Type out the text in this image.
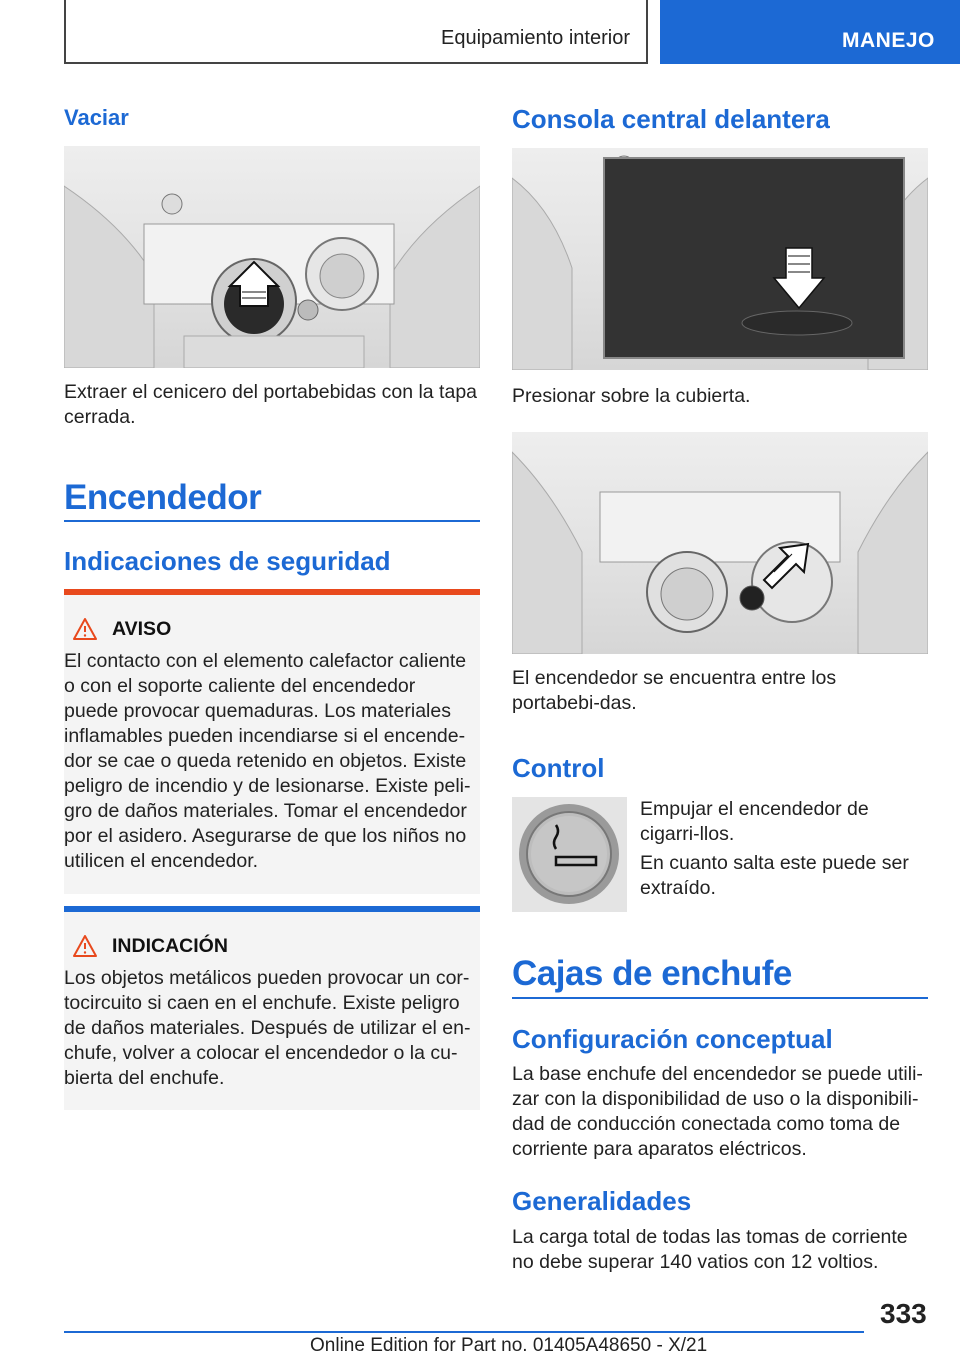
Equipamiento interior	MANEJO
Vaciar

Extraer el cenicero del portabebidas con la tapa cerrada.

Encendedor
Indicaciones de seguridad
AVISO

El contacto con el elemento calefactor caliente o con el soporte caliente del encendedor puede provocar quemaduras. Los materiales inflamables pueden incendiarse si el encende‐dor se cae o queda retenido en objetos. Existe peligro de incendio y de lesionarse. Existe peli‐gro de daños materiales. Tomar el encendedor por el asidero. Asegurarse de que los niños no utilicen el encendedor.

INDICACIÓN

Los objetos metálicos pueden provocar un cor‐tocircuito si caen en el enchufe. Existe peligro de daños materiales. Después de utilizar el en‐chufe, volver a colocar el encendedor o la cu‐bierta del enchufe.

Consola central delantera

Presionar sobre la cubierta.

El encendedor se encuentra entre los portabebi‐das.

Control

Empujar el encendedor de cigarri‐llos.

En cuanto salta este puede ser extraído.

Cajas de enchufe
Configuración conceptual

La base enchufe del encendedor se puede utili‐zar con la disponibilidad de uso o la disponibili‐dad de conducción conectada como toma de corriente para aparatos eléctricos.

Generalidades

La carga total de todas las tomas de corriente no debe superar 140 vatios con 12 voltios.

333
Online Edition for Part no. 01405A48650 - X/21
